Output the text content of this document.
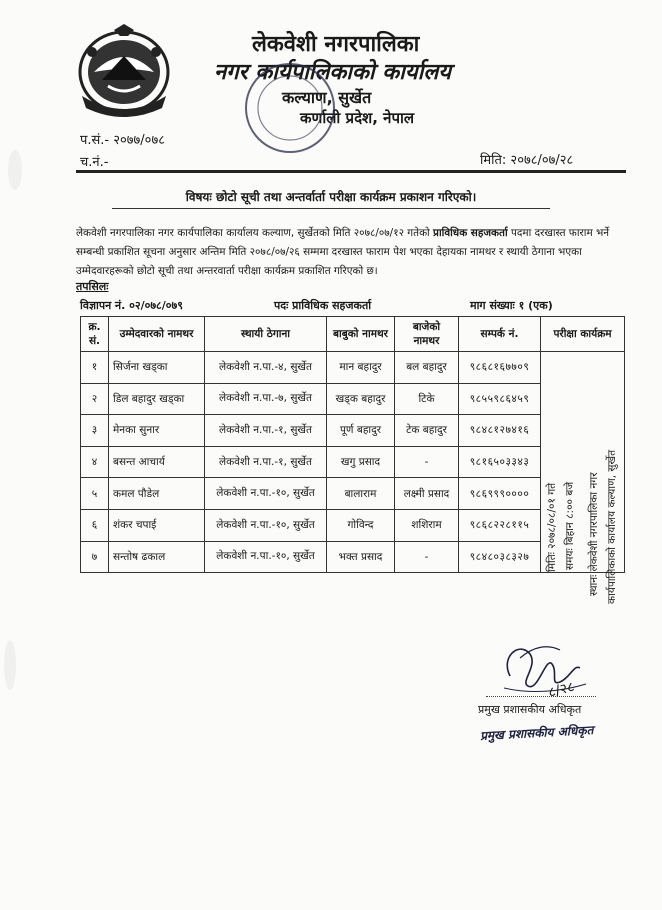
लेकवेशी नगरपालिका
नगर कार्यपालिकाको कार्यालय
कल्याण, सुर्खेत
कर्णाली प्रदेश, नेपाल
प.सं.- २०७७/०७८
च.नं.-	मिति: २०७८/०७/२८
विषयः छोटो सूची तथा अन्तर्वार्ता परीक्षा कार्यक्रम प्रकाशन गरिएको।
लेकवेशी नगरपालिका नगर कार्यपालिका कार्यालय कल्याण, सुर्खेतको मिति २०७८/०७/१२ गतेको प्राविधिक सहजकर्ता पदमा दरखास्त फाराम भर्ने सम्बन्धी प्रकाशित सूचना अनुसार अन्तिम मिति २०७८/०७/२६ सम्ममा दरखास्त फाराम पेश भएका देहायका नामथर र स्थायी ठेगाना भएका उम्मेदवारहरूको छोटो सूची तथा अन्तरवार्ता परीक्षा कार्यक्रम प्रकाशित गरिएको छ।
तपसिलः
विज्ञापन नं. ०२/०७८/०७९	पदः प्राविधिक सहजकर्ता	माग संख्याः १ (एक)
क्र. सं.	उम्मेदवारको नामथर	स्थायी ठेगाना	बाबुको नामथर	बाजेको नामथर	सम्पर्क नं.	परीक्षा कार्यक्रम
१	सिर्जना खड्का	लेकवेशी न.पा.-४, सुर्खेत	मान बहादुर	बल बहादुर	९८६८१६७७०९	मितिः २०७८/०८/०१ गते समयः बिहान ८:०० बजे स्थानः लेकवेशी नगरपालिका नगर कार्यपालिकाको कार्यालय कल्याण, सुर्खेत

२	डिल बहादुर खड्का	लेकवेशी न.पा.-७, सुर्खेत	खड्क बहादुर	टिके	९८५५९८६४५९	
३	मेनका सुनार	लेकवेशी न.पा.-१, सुर्खेत	पूर्ण बहादुर	टेक बहादुर	९८४८१२७४१६	
४	बसन्त आचार्य	लेकवेशी न.पा.-१, सुर्खेत	खगु प्रसाद	-	९८१६५०३३४३	
५	कमल पौडेल	लेकवेशी न.पा.-१०, सुर्खेत	बालाराम	लक्ष्मी प्रसाद	९८६९९९००००	
६	शंकर चपाई	लेकवेशी न.पा.-१०, सुर्खेत	गोविन्द	शशिराम	९८६८२२८११५	
७	सन्तोष ढकाल	लेकवेशी न.पा.-१०, सुर्खेत	भक्त प्रसाद	-	९८४८०३८३२७	
८/२८
प्रमुख प्रशासकीय अधिकृत
प्रमुख प्रशासकीय अधिकृत
